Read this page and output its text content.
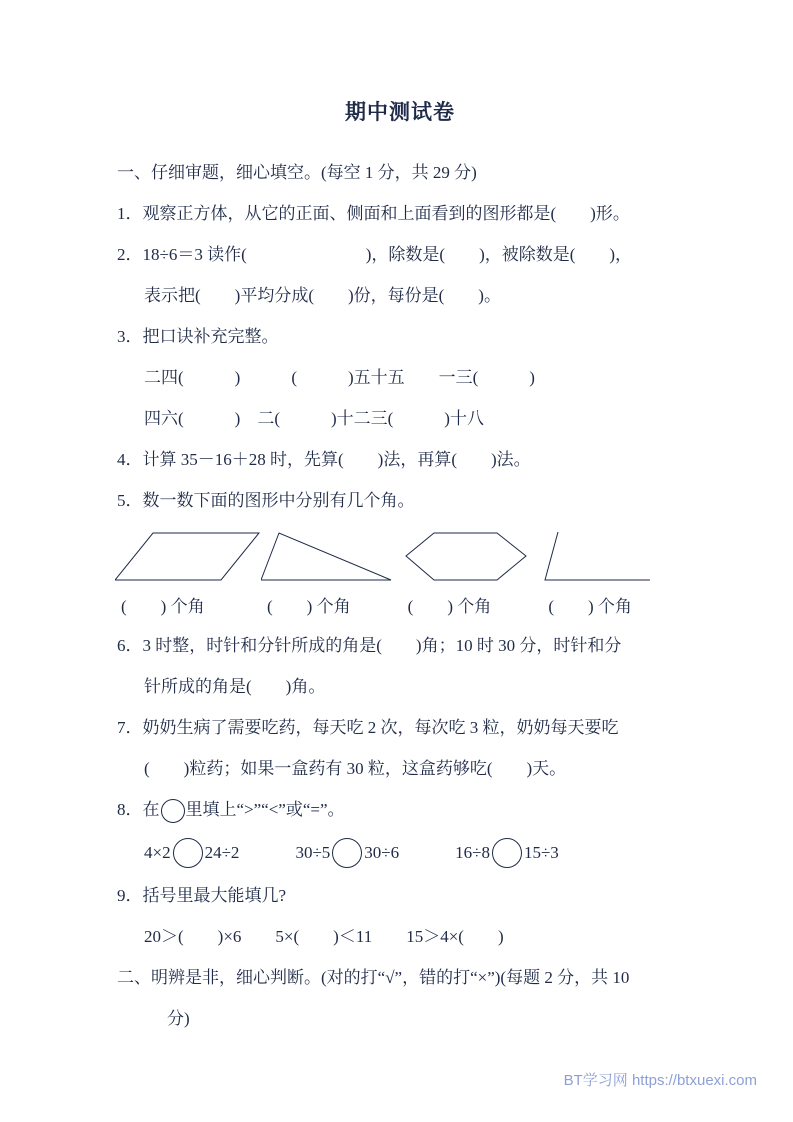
期中测试卷
一、仔细审题，细心填空。(每空 1 分，共 29 分)
1．观察正方体，从它的正面、侧面和上面看到的图形都是(　　)形。
2．18÷6＝3 读作(　　　　　　　)，除数是(　　)，被除数是(　　)，
表示把(　　)平均分成(　　)份，每份是(　　)。
3．把口诀补充完整。
二四(　　　)　　　(　　　)五十五　　一三(　　　)
四六(　　　)　二(　　　)十二三(　　　)十八
4．计算 35－16＋28 时，先算(　　)法，再算(　　)法。
5．数一数下面的图形中分别有几个角。
(　　) 个角	(　　) 个角	(　　) 个角	(　　) 个角
6．3 时整，时针和分针所成的角是(　　)角；10 时 30 分，时针和分
针所成的角是(　　)角。
7．奶奶生病了需要吃药，每天吃 2 次，每次吃 3 粒，奶奶每天要吃
(　　)粒药；如果一盒药有 30 粒，这盒药够吃(　　)天。
8．在 里填上“>”“<”或“=”。
4×2 24÷2	30÷5 30÷6	16÷8 15÷3
9．括号里最大能填几?
20＞(　　)×6 5×(　　)＜11 15＞4×(　　)
二、明辨是非，细心判断。(对的打“√”，错的打“×”)(每题 2 分，共 10
分)
BT学习网 https://btxuexi.com
